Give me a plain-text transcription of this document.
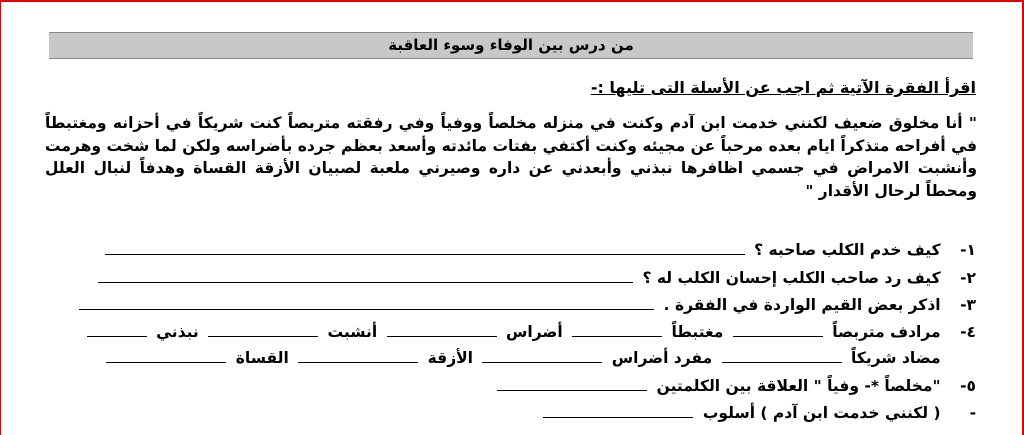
من درس بين الوفاء وسوء العاقبة
اقرأ الفقرة الآتية ثم اجب عن الأسلة التى تليها :-
" أنا مخلوق ضعيف لكنني خدمت ابن آدم وكنت في منزله مخلصاً ووفياً وفي رفقته متربصاً كنت شريكاً في أحزانه ومغتبطاً في أفراحه متذكراً ايام بعده مرحباً عن مجيئه وكنت أكتفي بفتات مائدته وأسعد بعظم جرده بأضراسه ولكن لما شخت وهرمت وأنشبت الامراض في جسمي اظافرها نبذني وأبعدني عن داره وصيرني ملعبة لصبيان الأزقة القساة وهدفاً لنبال العلل ومحطاً لرحال الأقدار "
١- كيف خدم الكلب صاحبه ؟
٢- كيف رد صاحب الكلب إحسان الكلب له ؟
٣- اذكر بعض القيم الواردة في الفقرة .
٤- مرادف متربصاً  مغتبطاً  أضراس  أنشبت  نبذني
مضاد شريكاً  مفرد أضراس  الأزقة  القساة
٥- "مخلصاً *- وفياً " العلاقة بين الكلمتين
- ( لكنني خدمت ابن آدم ) أسلوب
